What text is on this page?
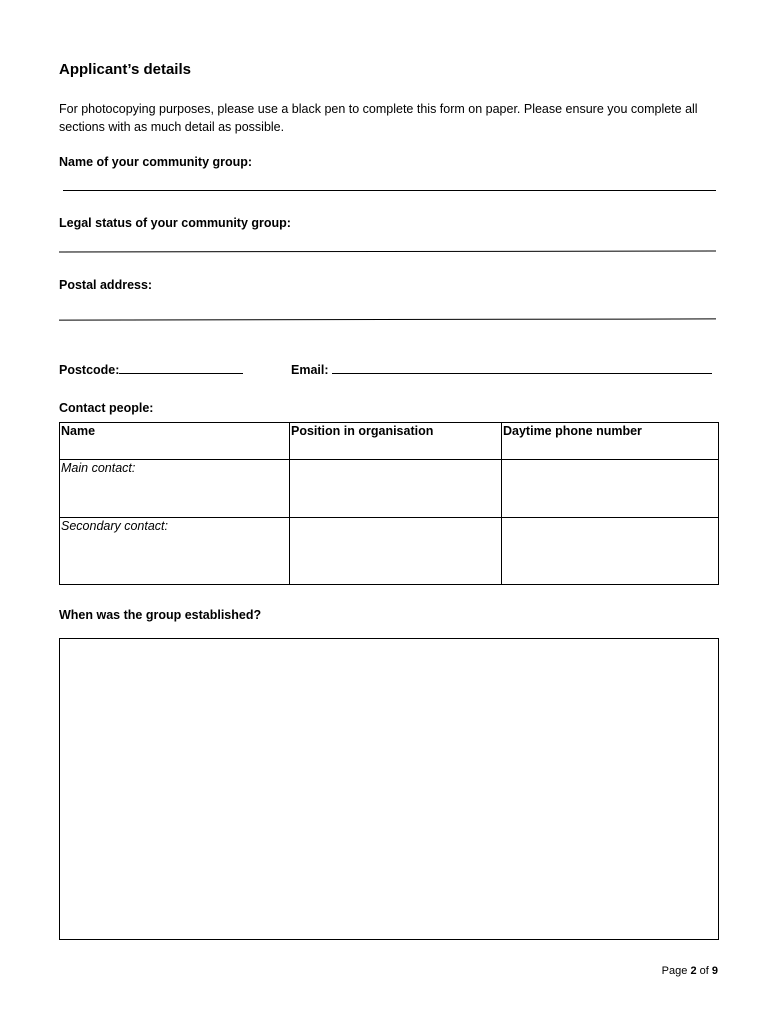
Applicant’s details
For photocopying purposes, please use a black pen to complete this form on paper. Please ensure you complete all sections with as much detail as possible.
Name of your community group:
Legal status of your community group:
Postal address:
Postcode:	Email:
Contact people:
Name	Position in organisation	Daytime phone number
Main contact:		
Secondary contact:		
When was the group established?
Page 2 of 9
